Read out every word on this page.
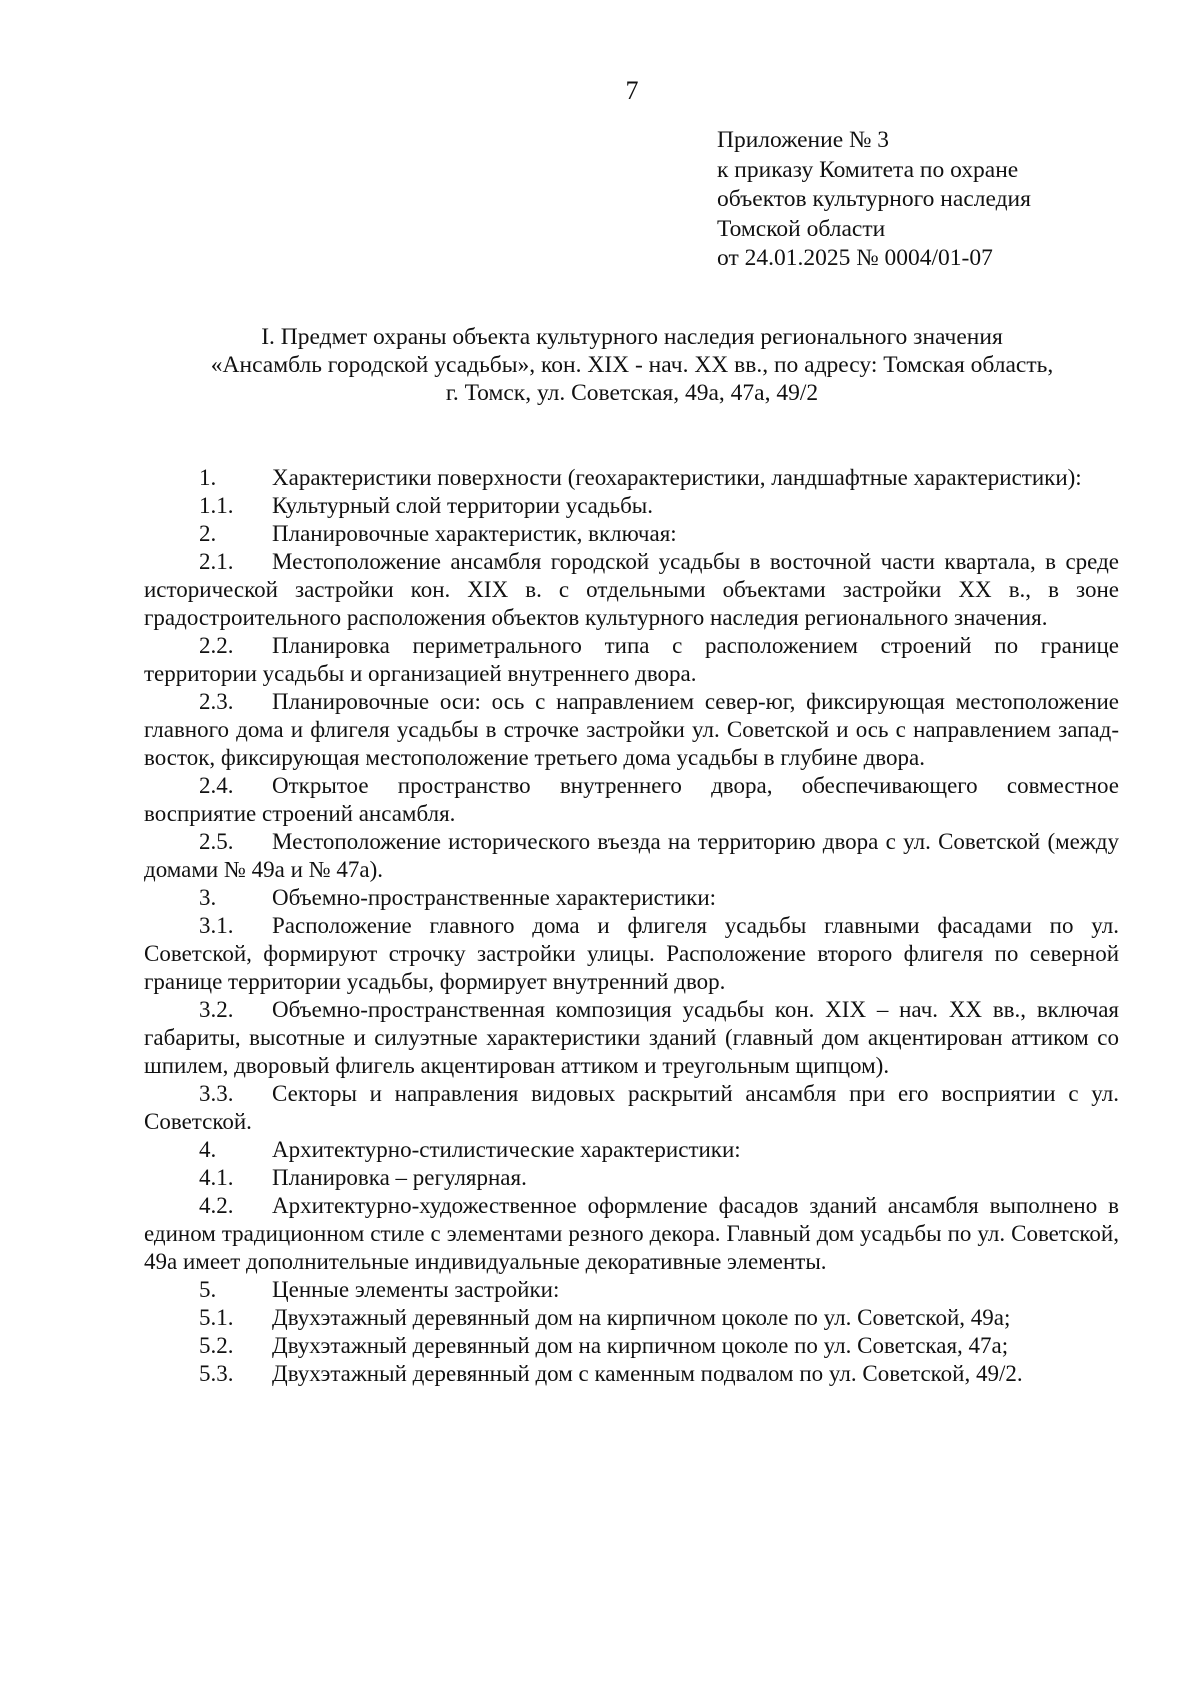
7
Приложение № 3
к приказу Комитета по охране
объектов культурного наследия
Томской области
от 24.01.2025 № 0004/01-07
I. Предмет охраны объекта культурного наследия регионального значения
«Ансамбль городской усадьбы», кон. XIX - нач. XX вв., по адресу: Томская область,
г. Томск, ул. Советская, 49а, 47а, 49/2

1. Характеристики поверхности (геохарактеристики, ландшафтные характеристики):

1.1. Культурный слой территории усадьбы.

2. Планировочные характеристик, включая:

2.1. Местоположение ансамбля городской усадьбы в восточной части квартала, в среде исторической застройки кон. XIX в. с отдельными объектами застройки XX в., в зоне градостроительного расположения объектов культурного наследия регионального значения.

2.2. Планировка периметрального типа с расположением строений по границе территории усадьбы и организацией внутреннего двора.

2.3. Планировочные оси: ось с направлением север-юг, фиксирующая местоположение главного дома и флигеля усадьбы в строчке застройки ул. Советской и ось с направлением запад-восток, фиксирующая местоположение третьего дома усадьбы в глубине двора.

2.4. Открытое пространство внутреннего двора, обеспечивающего совместное восприятие строений ансамбля.

2.5. Местоположение исторического въезда на территорию двора с ул. Советской (между домами № 49а и № 47а).

3. Объемно-пространственные характеристики:

3.1. Расположение главного дома и флигеля усадьбы главными фасадами по ул. Советской, формируют строчку застройки улицы. Расположение второго флигеля по северной границе территории усадьбы, формирует внутренний двор.

3.2. Объемно-пространственная композиция усадьбы кон. XIX – нач. XX вв., включая габариты, высотные и силуэтные характеристики зданий (главный дом акцентирован аттиком со шпилем, дворовый флигель акцентирован аттиком и треугольным щипцом).

3.3. Секторы и направления видовых раскрытий ансамбля при его восприятии с ул. Советской.

4. Архитектурно-стилистические характеристики:

4.1. Планировка – регулярная.

4.2. Архитектурно-художественное оформление фасадов зданий ансамбля выполнено в едином традиционном стиле с элементами резного декора. Главный дом усадьбы по ул. Советской, 49а имеет дополнительные индивидуальные декоративные элементы.

5. Ценные элементы застройки:

5.1. Двухэтажный деревянный дом на кирпичном цоколе по ул. Советской, 49а;

5.2. Двухэтажный деревянный дом на кирпичном цоколе по ул. Советская, 47а;

5.3. Двухэтажный деревянный дом с каменным подвалом по ул. Советской, 49/2.
